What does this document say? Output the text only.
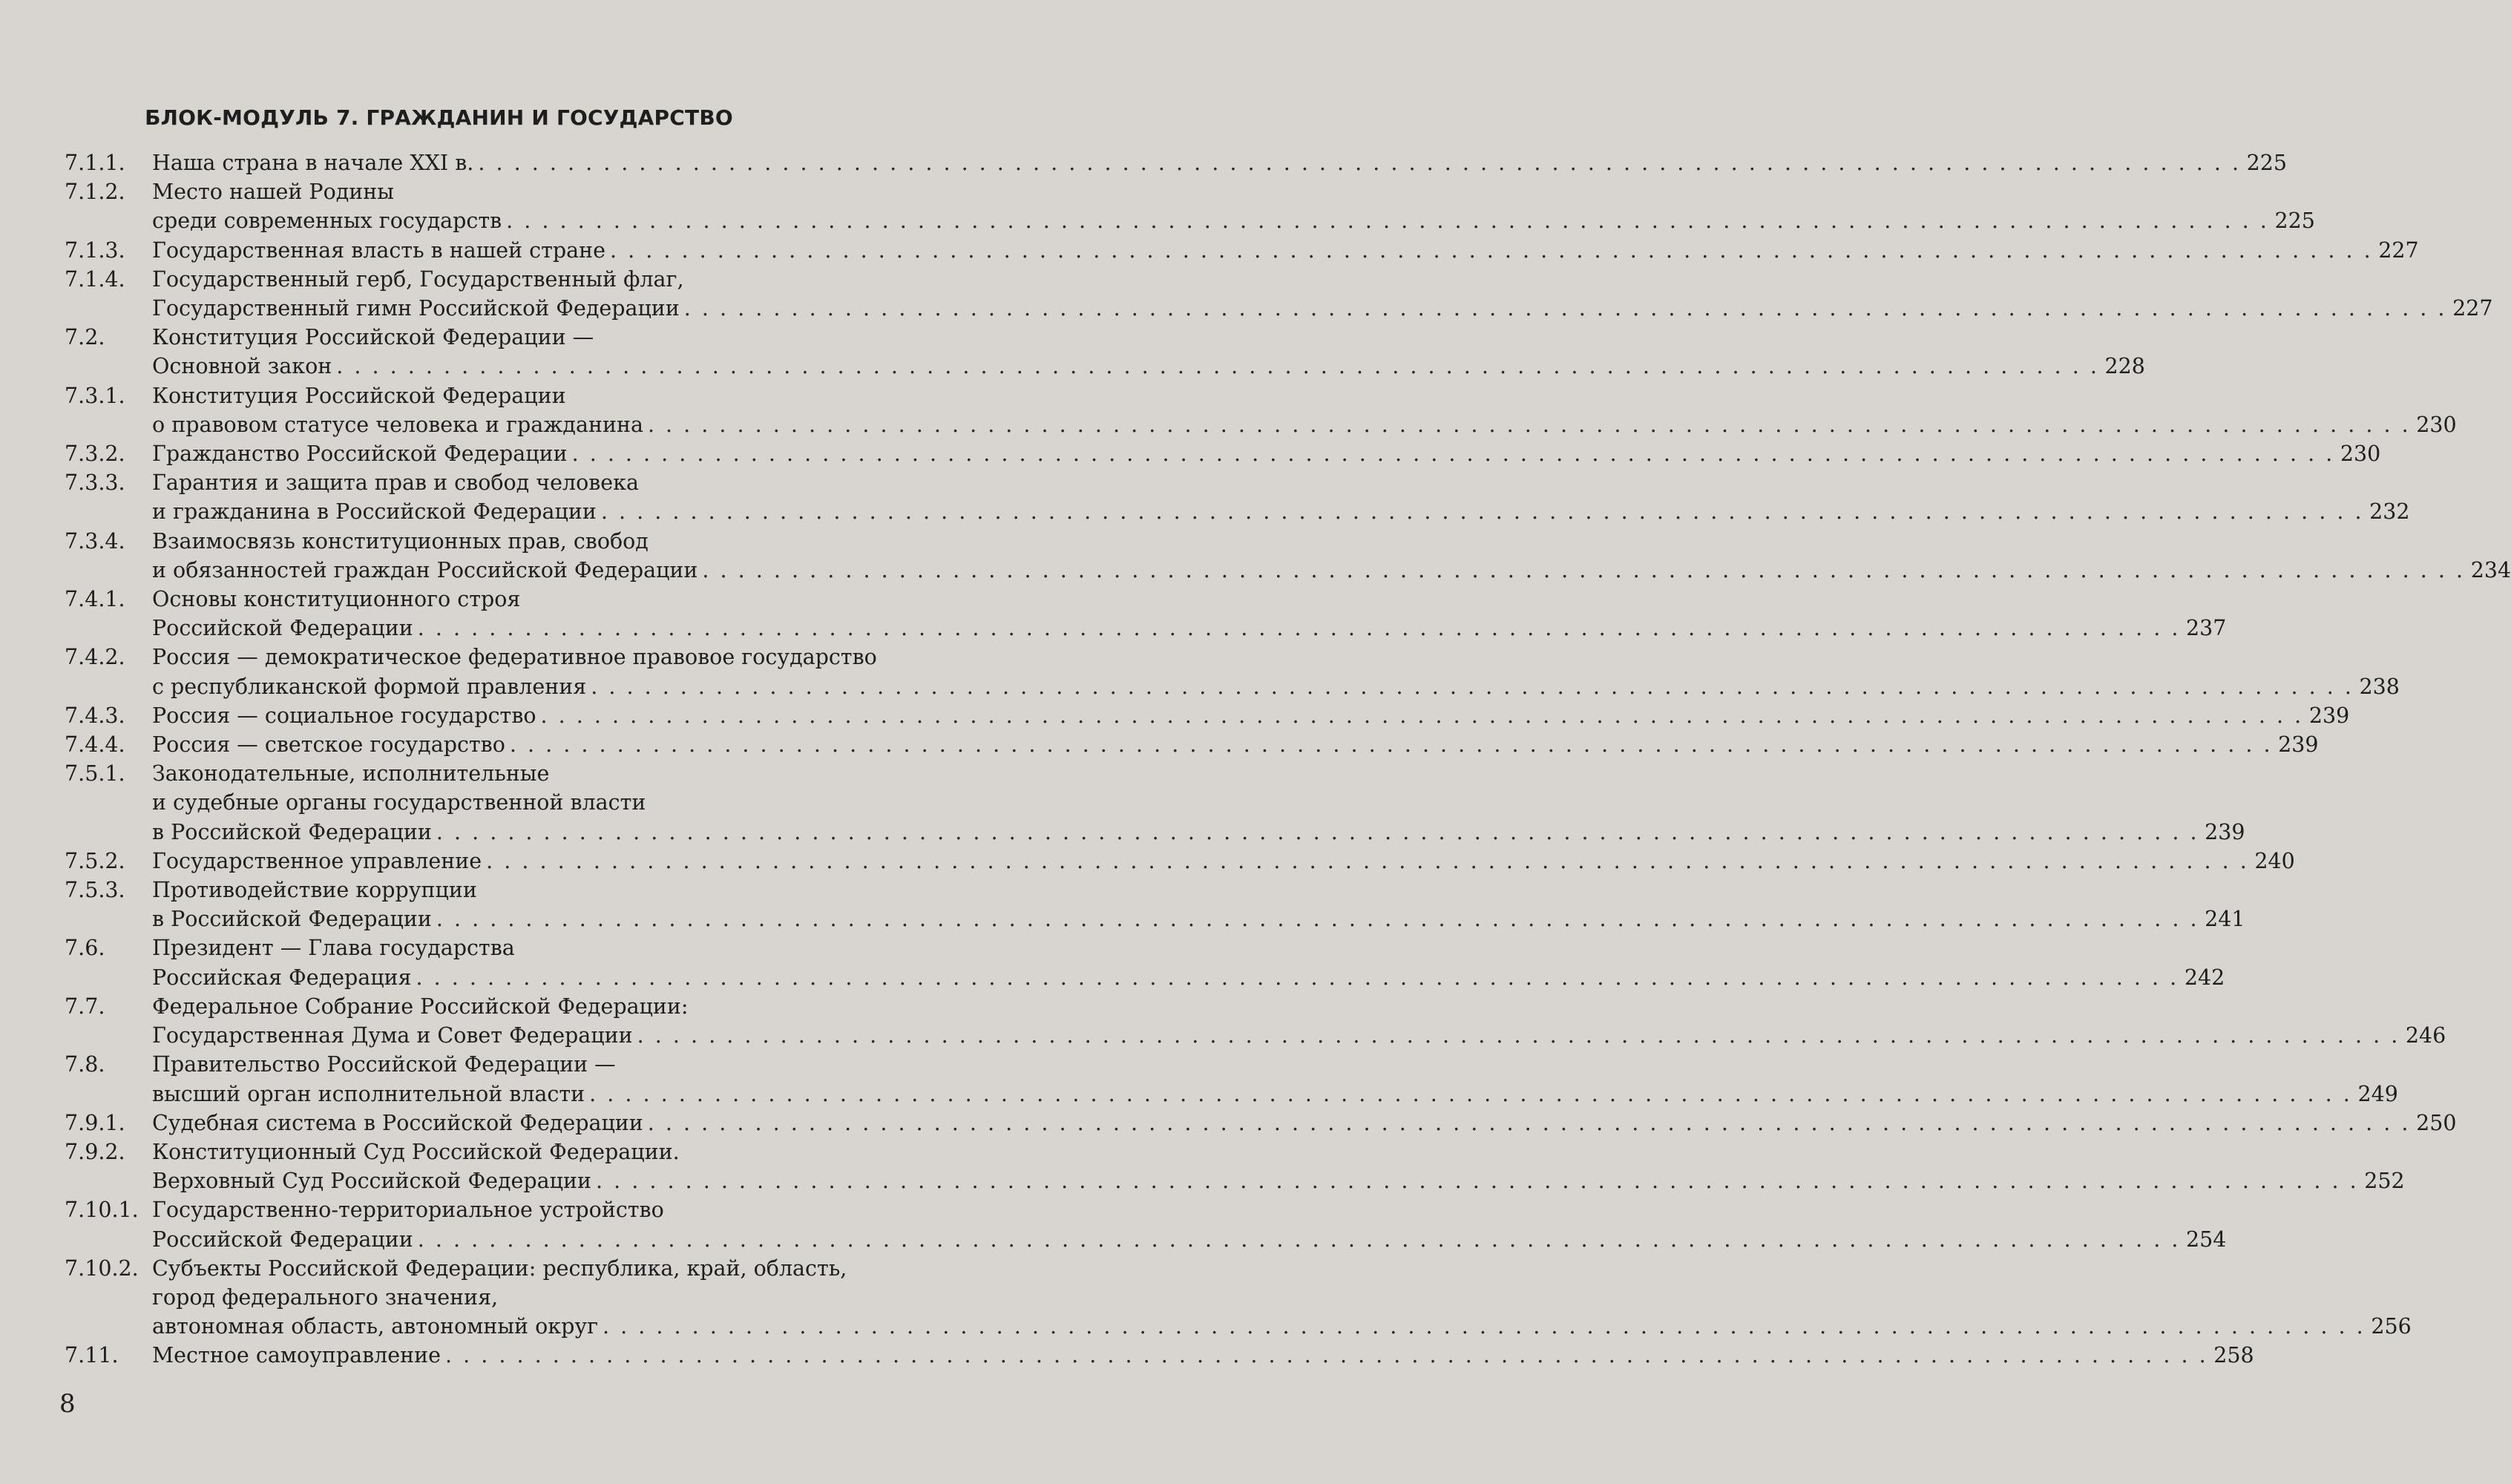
БЛОК-МОДУЛЬ 7. ГРАЖДАНИН И ГОСУДАРСТВО
7.1.1.	Наша страна в начале XXI в. . . .	225
7.1.2.	Место нашей Родины
среди современных государств . . .	225
7.1.3.	Государственная власть в нашей стране . . .	227
7.1.4.	Государственный герб, Государственный флаг,
Государственный гимн Российской Федерации . . .	227
7.2.	Конституция Российской Федерации —
Основной закон . . .	228
7.3.1.	Конституция Российской Федерации
о правовом статусе человека и гражданина . . .	230
7.3.2.	Гражданство Российской Федерации . . .	230
7.3.3.	Гарантия и защита прав и свобод человека
и гражданина в Российской Федерации . . .	232
7.3.4.	Взаимосвязь конституционных прав, свобод
и обязанностей граждан Российской Федерации . . .	234
7.4.1.	Основы конституционного строя
Российской Федерации . . .	237
7.4.2.	Россия — демократическое федеративное правовое государство
с республиканской формой правления . . .	238
7.4.3.	Россия — социальное государство . . .	239
7.4.4.	Россия — светское государство . . .	239
7.5.1.	Законодательные, исполнительные
и судебные органы государственной власти
в Российской Федерации . . .	239
7.5.2.	Государственное управление . . .	240
7.5.3.	Противодействие коррупции
в Российской Федерации . . .	241
7.6.	Президент — Глава государства
Российская Федерация . . .	242
7.7.	Федеральное Собрание Российской Федерации:
Государственная Дума и Совет Федерации . . .	246
7.8.	Правительство Российской Федерации —
высший орган исполнительной власти . . .	249
7.9.1.	Судебная система в Российской Федерации . . .	250
7.9.2.	Конституционный Суд Российской Федерации.
Верховный Суд Российской Федерации . . .	252
7.10.1. Государственно-территориальное устройство
Российской Федерации . . .	254
7.10.2. Субъекты Российской Федерации: республика, край, область,
город федерального значения,
автономная область, автономный округ . . .	256
7.11.	Местное самоуправление . . .	258
8
